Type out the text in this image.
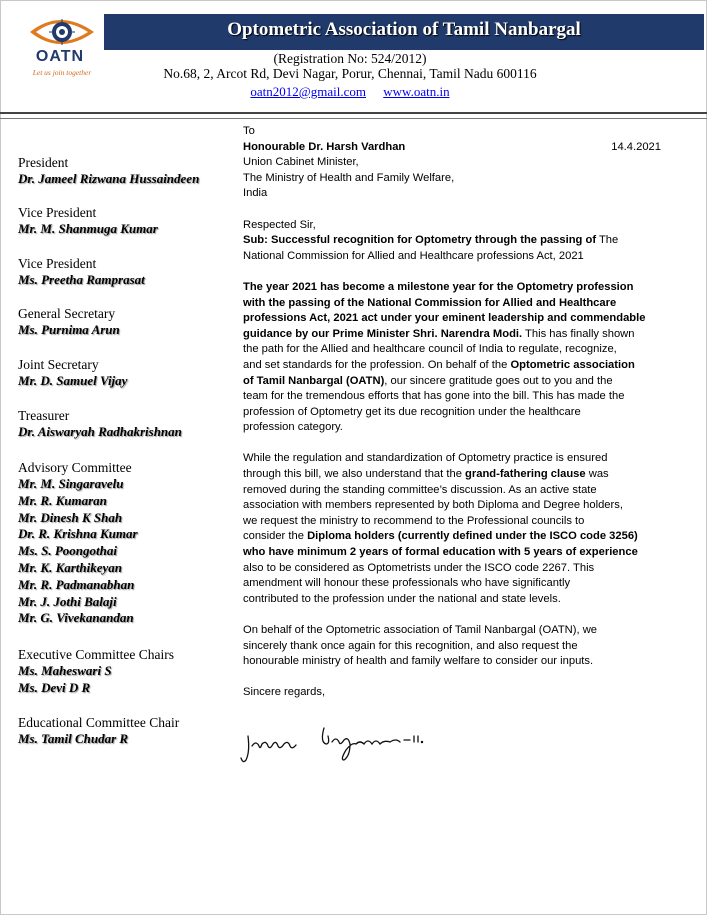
OATN
Let us join together
Optometric Association of Tamil Nanbargal
(Registration No: 524/2012)
No.68, 2, Arcot Rd, Devi Nagar, Porur, Chennai, Tamil Nadu 600116
oatn2012@gmail.com www.oatn.in
President
Dr. Jameel Rizwana Hussaindeen
Vice President
Mr. M. Shanmuga Kumar
Vice President
Ms. Preetha Ramprasat
General Secretary
Ms. Purnima Arun
Joint Secretary
Mr. D. Samuel Vijay
Treasurer
Dr. Aiswaryah Radhakrishnan
Advisory Committee
Mr. M. Singaravelu
Mr. R. Kumaran
Mr. Dinesh K Shah
Dr. R. Krishna Kumar
Ms. S. Poongothai
Mr. K. Karthikeyan
Mr. R. Padmanabhan
Mr. J. Jothi Balaji
Mr. G. Vivekanandan
Executive Committee Chairs
Ms. Maheswari S
Ms. Devi D R
Educational Committee Chair
Ms. Tamil Chudar R
14.4.2021
To
Honourable Dr. Harsh Vardhan
Union Cabinet Minister,
The Ministry of Health and Family Welfare,
India
Respected Sir,
Sub: Successful recognition for Optometry through the passing of The
National Commission for Allied and Healthcare professions Act, 2021
The year 2021 has become a milestone year for the Optometry profession
with the passing of the National Commission for Allied and Healthcare
professions Act, 2021 act under your eminent leadership and commendable
guidance by our Prime Minister Shri. Narendra Modi. This has finally shown
the path for the Allied and healthcare council of India to regulate, recognize,
and set standards for the profession. On behalf of the Optometric association
of Tamil Nanbargal (OATN), our sincere gratitude goes out to you and the
team for the tremendous efforts that has gone into the bill. This has made the
profession of Optometry get its due recognition under the healthcare
profession category.
While the regulation and standardization of Optometry practice is ensured
through this bill, we also understand that the grand-fathering clause was
removed during the standing committee’s discussion. As an active state
association with members represented by both Diploma and Degree holders,
we request the ministry to recommend to the Professional councils to
consider the Diploma holders (currently defined under the ISCO code 3256)
who have minimum 2 years of formal education with 5 years of experience
also to be considered as Optometrists under the ISCO code 2267. This
amendment will honour these professionals who have significantly
contributed to the profession under the national and state levels.
On behalf of the Optometric association of Tamil Nanbargal (OATN), we
sincerely thank once again for this recognition, and also request the
honourable ministry of health and family welfare to consider our inputs.
Sincere regards,
